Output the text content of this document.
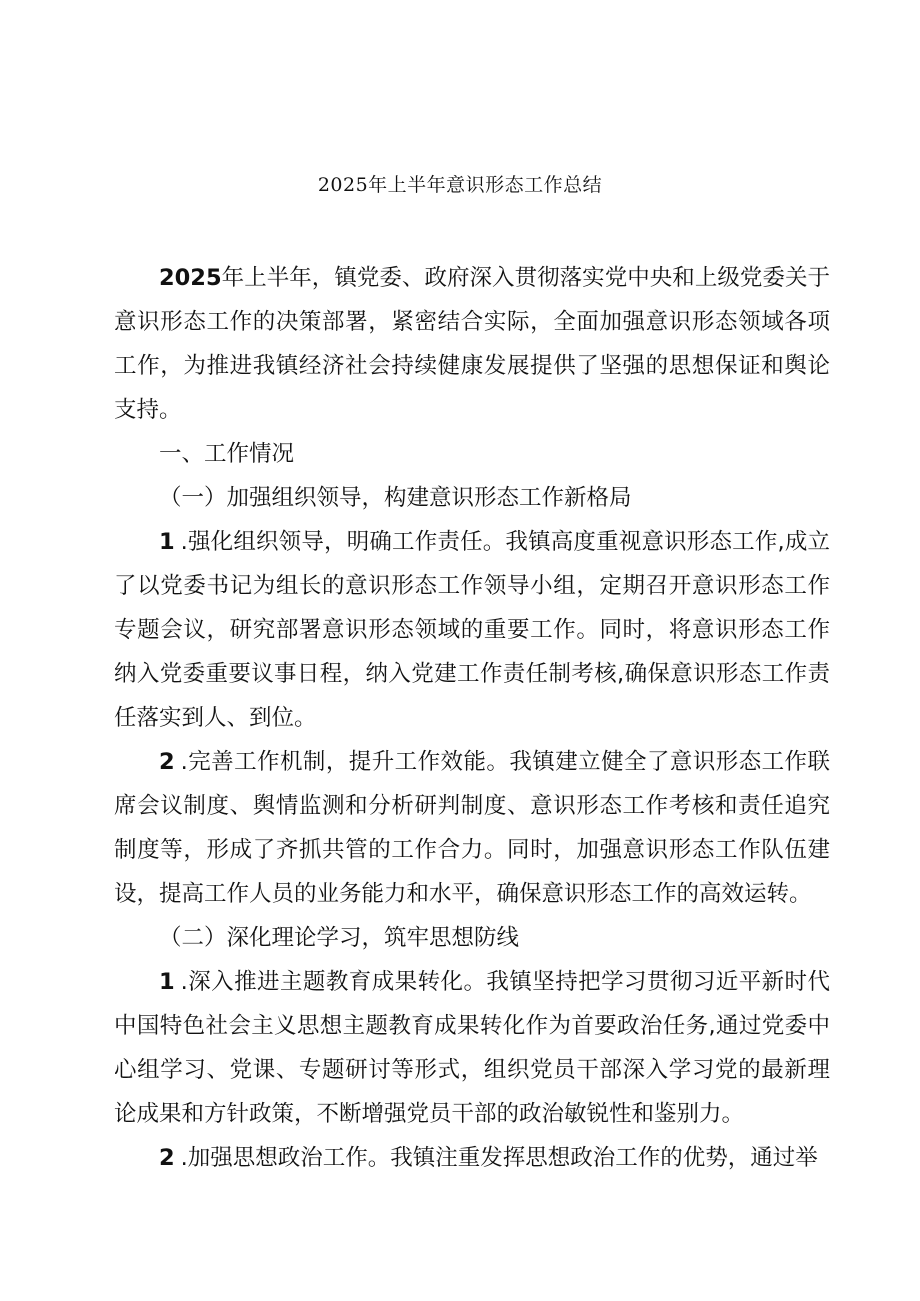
2025年上半年意识形态工作总结

2025年上半年，镇党委、政府深入贯彻落实党中央和上级党委关于意识形态工作的决策部署，紧密结合实际，全面加强意识形态领域各项工作，为推进我镇经济社会持续健康发展提供了坚强的思想保证和舆论支持。

一、工作情况

（一）加强组织领导，构建意识形态工作新格局

1 .强化组织领导，明确工作责任。我镇高度重视意识形态工作,成立了以党委书记为组长的意识形态工作领导小组，定期召开意识形态工作专题会议，研究部署意识形态领域的重要工作。同时，将意识形态工作纳入党委重要议事日程，纳入党建工作责任制考核,确保意识形态工作责任落实到人、到位。

2 .完善工作机制，提升工作效能。我镇建立健全了意识形态工作联席会议制度、舆情监测和分析研判制度、意识形态工作考核和责任追究制度等，形成了齐抓共管的工作合力。同时，加强意识形态工作队伍建设，提高工作人员的业务能力和水平，确保意识形态工作的高效运转。

（二）深化理论学习，筑牢思想防线

1 .深入推进主题教育成果转化。我镇坚持把学习贯彻习近平新时代中国特色社会主义思想主题教育成果转化作为首要政治任务,通过党委中心组学习、党课、专题研讨等形式，组织党员干部深入学习党的最新理论成果和方针政策，不断增强党员干部的政治敏锐性和鉴别力。

2 .加强思想政治工作。我镇注重发挥思想政治工作的优势，通过举
